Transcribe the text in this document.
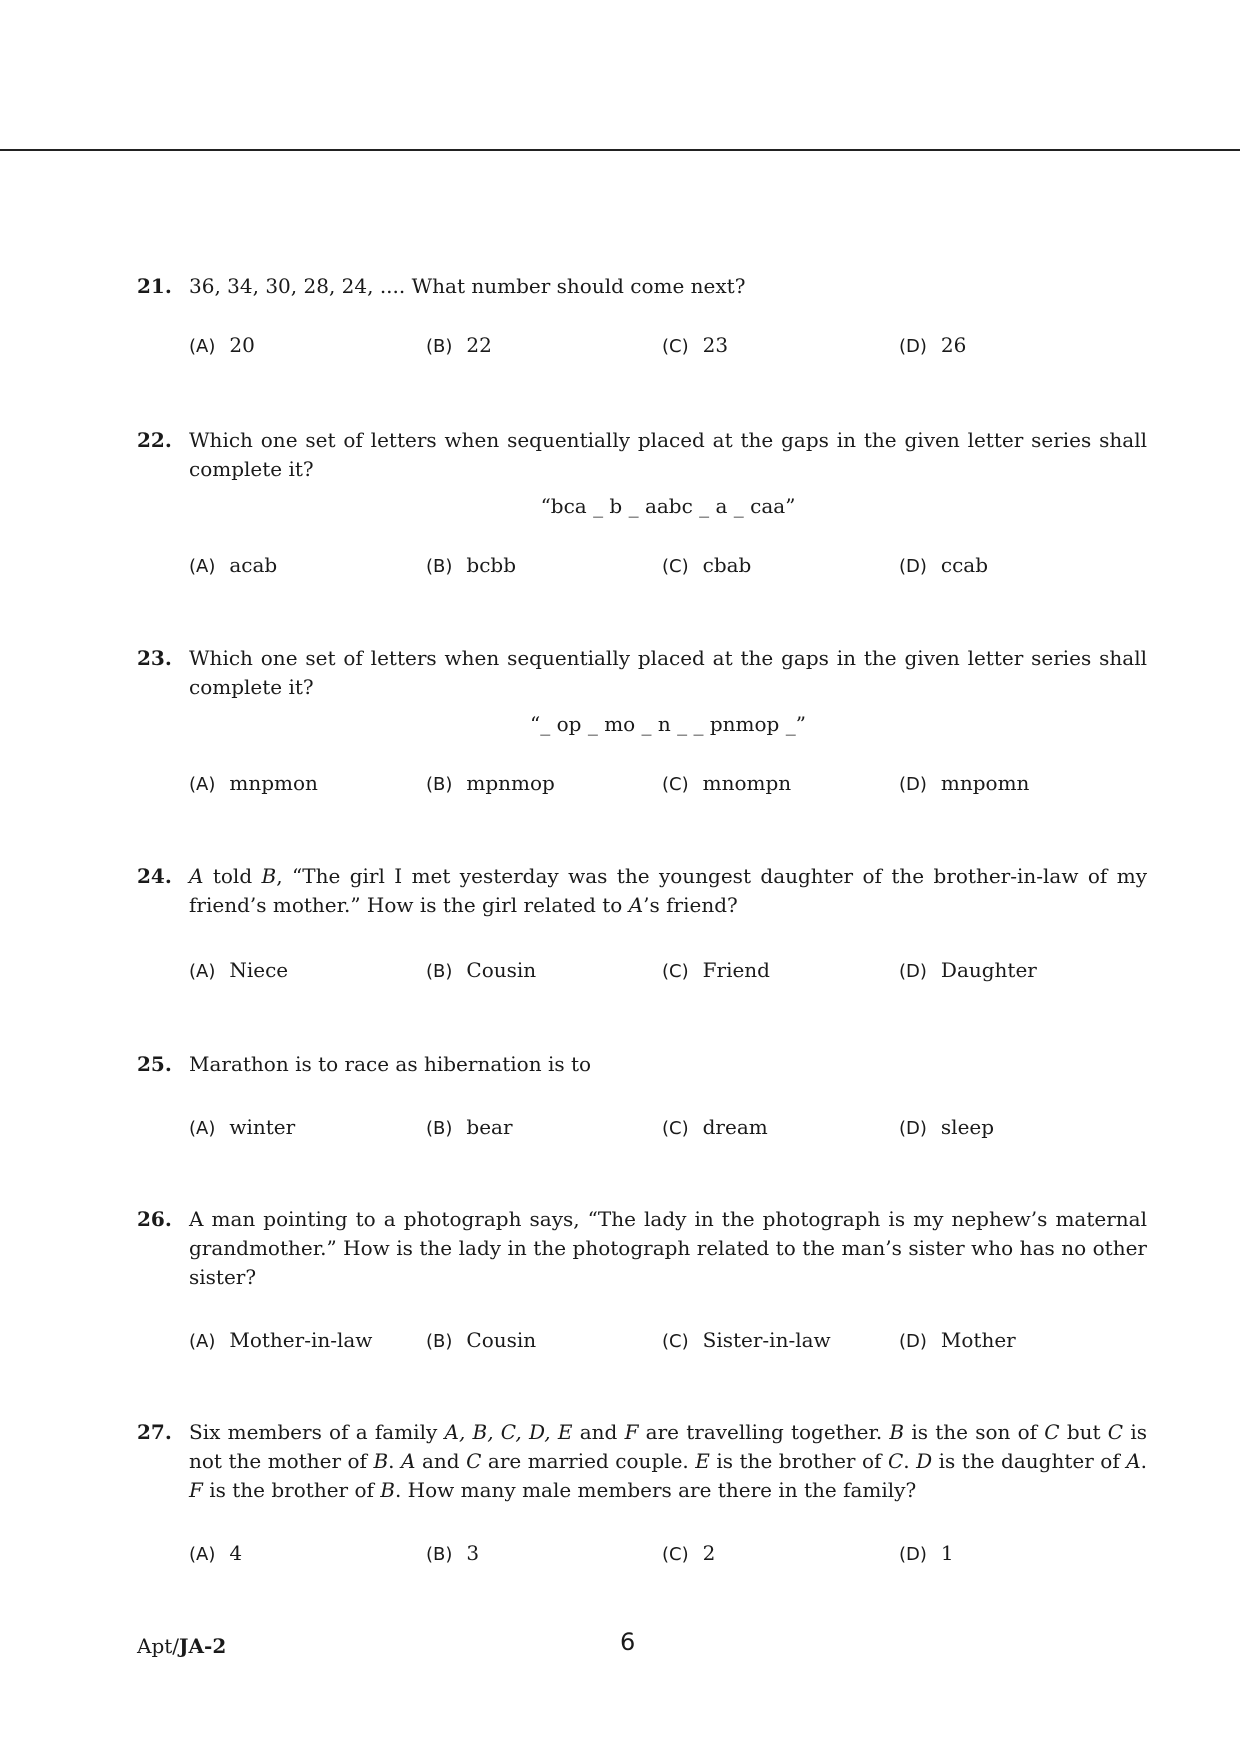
21. 36, 34, 30, 28, 24, .... What number should come next?
(A) 20	(B) 22	(C) 23	(D) 26
22. Which one set of letters when sequentially placed at the gaps in the given letter series shall complete it?
“bca _ b _ aabc _ a _ caa”
(A) acab	(B) bcbb	(C) cbab	(D) ccab
23. Which one set of letters when sequentially placed at the gaps in the given letter series shall complete it?
“_ op _ mo _ n _ _ pnmop _”
(A) mnpmon	(B) mpnmop	(C) mnompn	(D) mnpomn
24. A told B, “The girl I met yesterday was the youngest daughter of the brother-in-law of my friend’s mother.” How is the girl related to A’s friend?
(A) Niece	(B) Cousin	(C) Friend	(D) Daughter
25. Marathon is to race as hibernation is to
(A) winter	(B) bear	(C) dream	(D) sleep
26. A man pointing to a photograph says, “The lady in the photograph is my nephew’s maternal grandmother.” How is the lady in the photograph related to the man’s sister who has no other sister?
(A) Mother-in-law	(B) Cousin	(C) Sister-in-law	(D) Mother
27. Six members of a family A, B, C, D, E and F are travelling together. B is the son of C but C is not the mother of B. A and C are married couple. E is the brother of C. D is the daughter of A. F is the brother of B. How many male members are there in the family?
(A) 4	(B) 3	(C) 2	(D) 1
Apt/JA-2	6
